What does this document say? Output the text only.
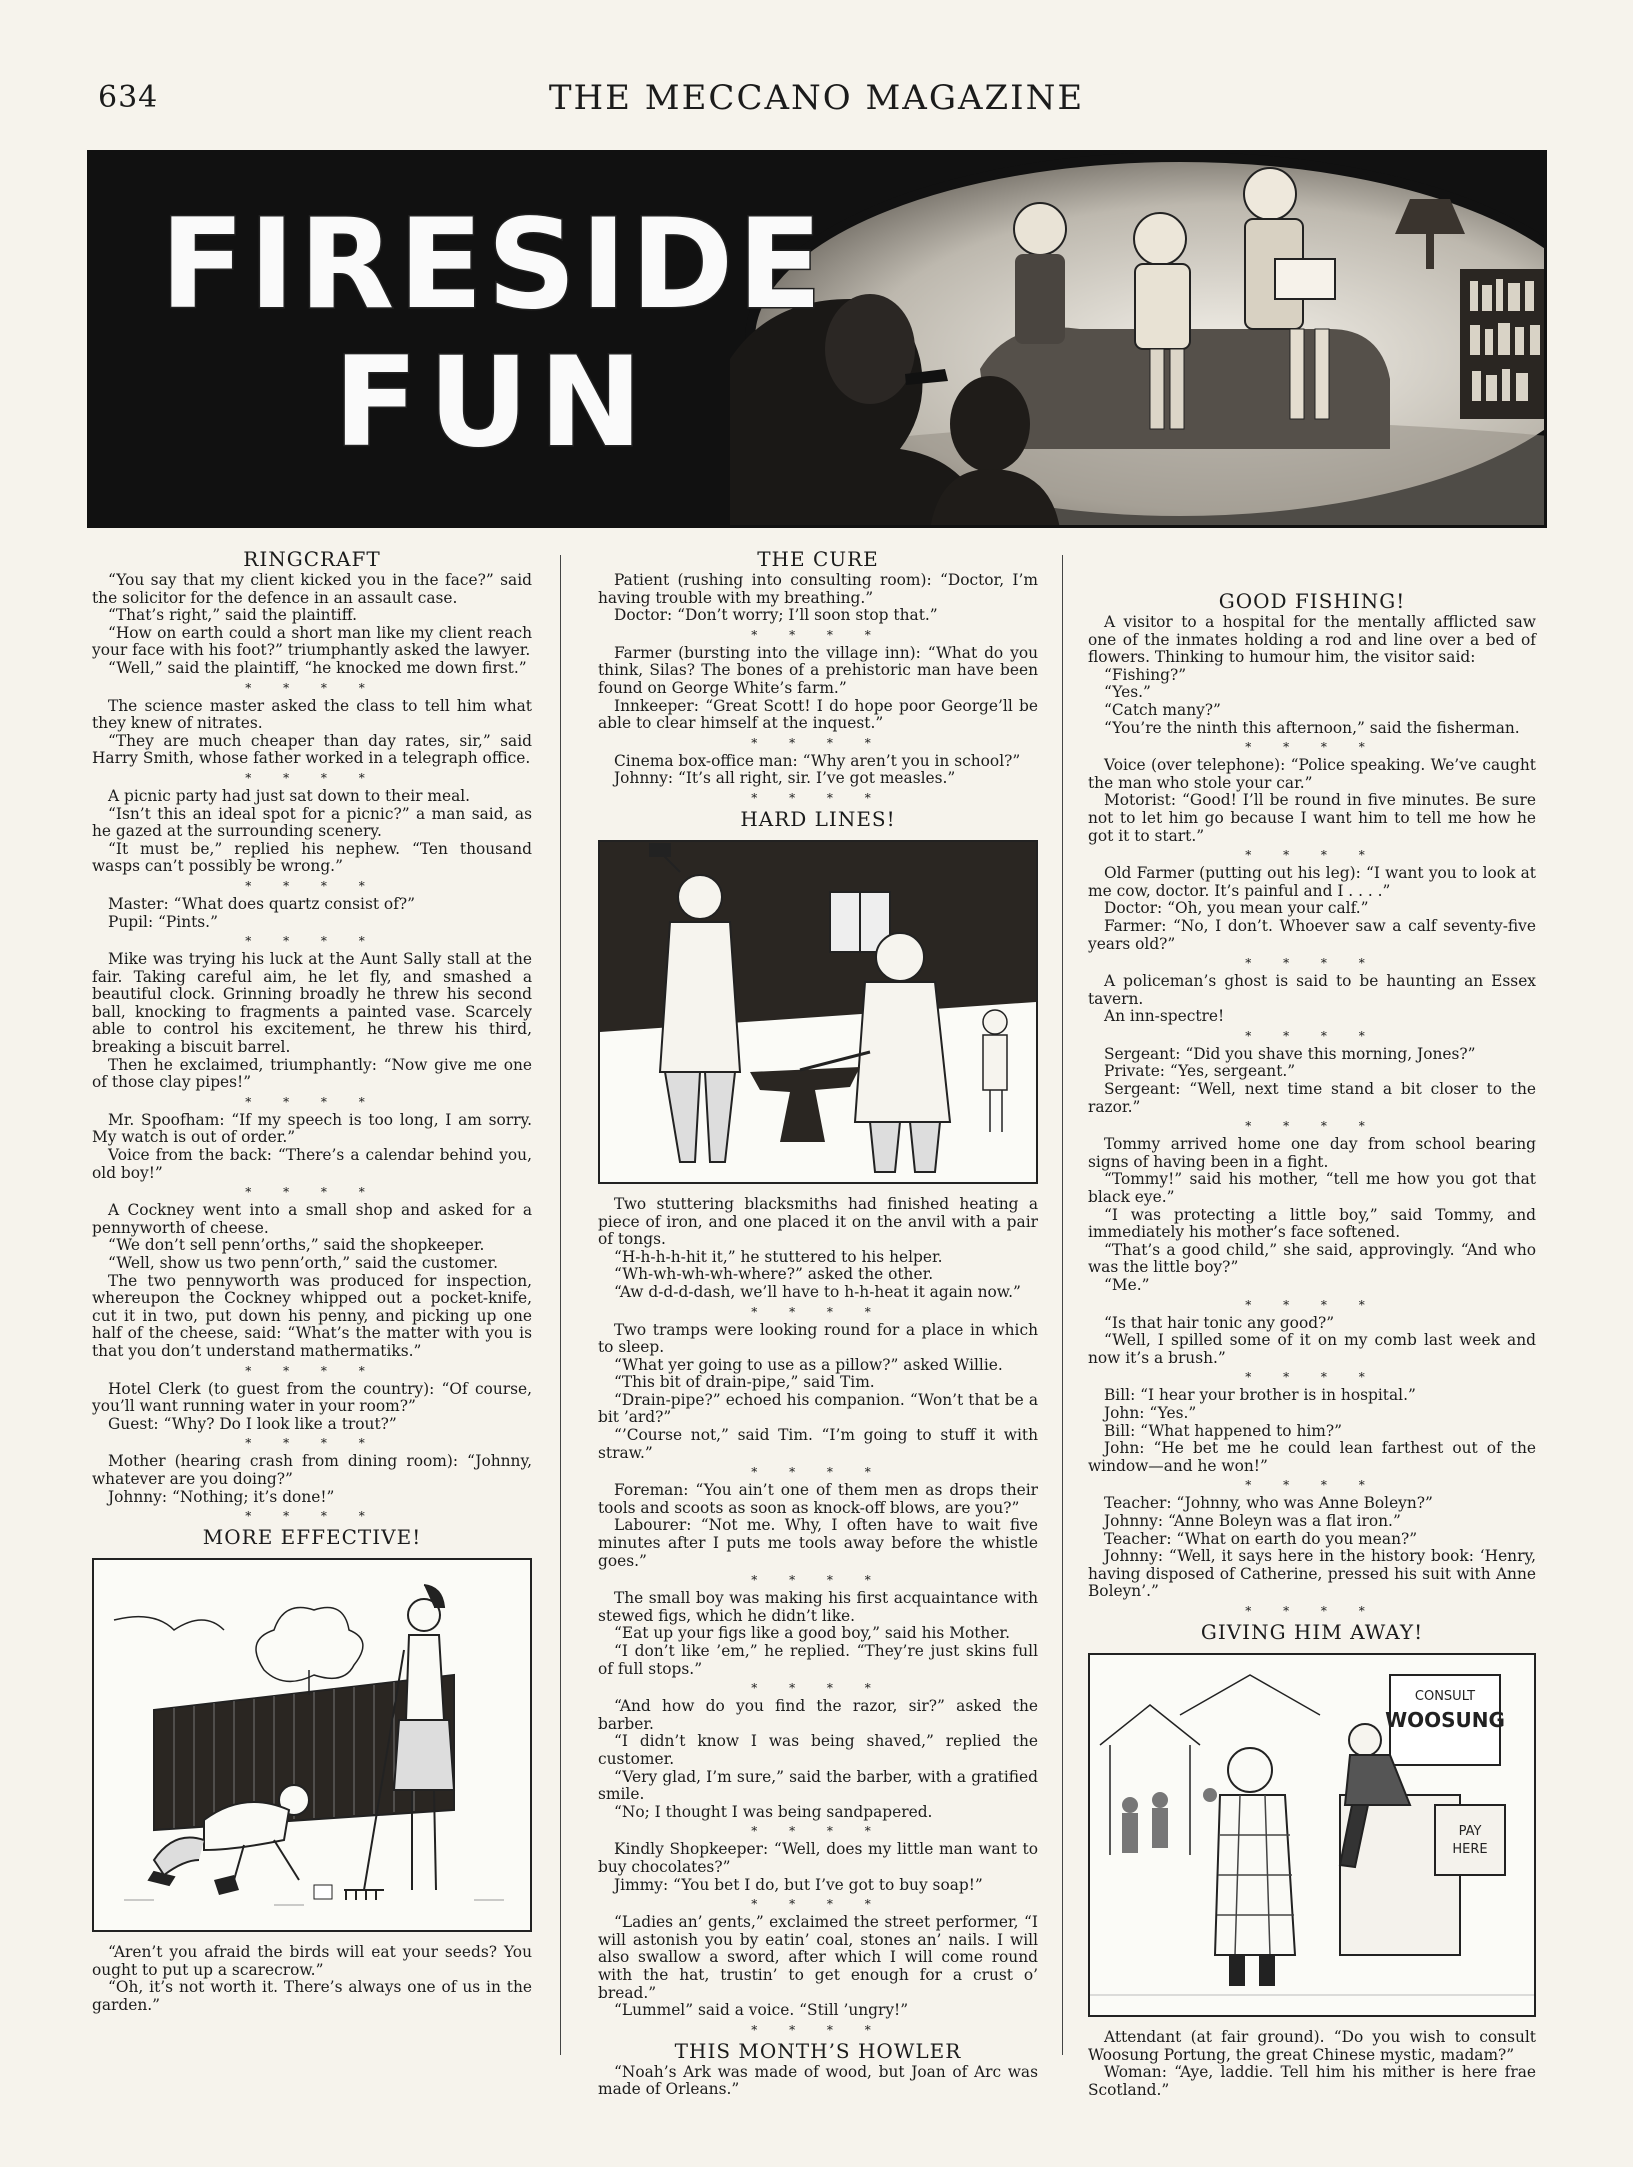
634	THE MECCANO MAGAZINE
FIRESIDE
FUN
RINGCRAFT

“You say that my client kicked you in the face?” said the solicitor for the defence in an assault case.

“That’s right,” said the plaintiff.

“How on earth could a short man like my client reach your face with his foot?” triumphantly asked the lawyer.

“Well,” said the plaintiff, “he knocked me down first.”

* * * *

The science master asked the class to tell him what they knew of nitrates.

“They are much cheaper than day rates, sir,” said Harry Smith, whose father worked in a telegraph office.

* * * *

A picnic party had just sat down to their meal.

“Isn’t this an ideal spot for a picnic?” a man said, as he gazed at the surrounding scenery.

“It must be,” replied his nephew. “Ten thousand wasps can’t possibly be wrong.”

* * * *

Master: “What does quartz consist of?”

Pupil: “Pints.”

* * * *

Mike was trying his luck at the Aunt Sally stall at the fair. Taking careful aim, he let fly, and smashed a beautiful clock. Grinning broadly he threw his second ball, knocking to fragments a painted vase. Scarcely able to control his excitement, he threw his third, breaking a biscuit barrel.

Then he exclaimed, triumphantly: “Now give me one of those clay pipes!”

* * * *

Mr. Spoofham: “If my speech is too long, I am sorry. My watch is out of order.”

Voice from the back: “There’s a calendar behind you, old boy!”

* * * *

A Cockney went into a small shop and asked for a pennyworth of cheese.

“We don’t sell penn’orths,” said the shopkeeper.

“Well, show us two penn’orth,” said the customer.

The two pennyworth was produced for inspection, whereupon the Cockney whipped out a pocket-knife, cut it in two, put down his penny, and picking up one half of the cheese, said: “What’s the matter with you is that you don’t understand mathermatiks.”

* * * *

Hotel Clerk (to guest from the country): “Of course, you’ll want running water in your room?”

Guest: “Why? Do I look like a trout?”

* * * *

Mother (hearing crash from dining room): “Johnny, whatever are you doing?”

Johnny: “Nothing; it’s done!”

* * * *
MORE EFFECTIVE!

“Aren’t you afraid the birds will eat your seeds? You ought to put up a scarecrow.”

“Oh, it’s not worth it. There’s always one of us in the garden.”

THE CURE

Patient (rushing into consulting room): “Doctor, I’m having trouble with my breathing.”

Doctor: “Don’t worry; I’ll soon stop that.”

* * * *

Farmer (bursting into the village inn): “What do you think, Silas? The bones of a prehistoric man have been found on George White’s farm.”

Innkeeper: “Great Scott! I do hope poor George’ll be able to clear himself at the inquest.”

* * * *

Cinema box-office man: “Why aren’t you in school?”

Johnny: “It’s all right, sir. I’ve got measles.”

* * * *
HARD LINES!

Two stuttering blacksmiths had finished heating a piece of iron, and one placed it on the anvil with a pair of tongs.

“H-h-h-h-hit it,” he stuttered to his helper.

“Wh-wh-wh-wh-where?” asked the other.

“Aw d-d-d-dash, we’ll have to h-h-heat it again now.”

* * * *

Two tramps were looking round for a place in which to sleep.

“What yer going to use as a pillow?” asked Willie.

“This bit of drain-pipe,” said Tim.

“Drain-pipe?” echoed his companion. “Won’t that be a bit ’ard?”

“’Course not,” said Tim. “I’m going to stuff it with straw.”

* * * *

Foreman: “You ain’t one of them men as drops their tools and scoots as soon as knock-off blows, are you?”

Labourer: “Not me. Why, I often have to wait five minutes after I puts me tools away before the whistle goes.”

* * * *

The small boy was making his first acquaintance with stewed figs, which he didn’t like.

“Eat up your figs like a good boy,” said his Mother.

“I don’t like ’em,” he replied. “They’re just skins full of full stops.”

* * * *

“And how do you find the razor, sir?” asked the barber.

“I didn’t know I was being shaved,” replied the customer.

“Very glad, I’m sure,” said the barber, with a gratified smile.

“No; I thought I was being sandpapered.

* * * *

Kindly Shopkeeper: “Well, does my little man want to buy chocolates?”

Jimmy: “You bet I do, but I’ve got to buy soap!”

* * * *

“Ladies an’ gents,” exclaimed the street performer, “I will astonish you by eatin’ coal, stones an’ nails. I will also swallow a sword, after which I will come round with the hat, trustin’ to get enough for a crust o’ bread.”

“Lummel” said a voice. “Still ’ungry!”

* * * *
THIS MONTH’S HOWLER

“Noah’s Ark was made of wood, but Joan of Arc was made of Orleans.”

GOOD FISHING!

A visitor to a hospital for the mentally afflicted saw one of the inmates holding a rod and line over a bed of flowers. Thinking to humour him, the visitor said:

“Fishing?”

“Yes.”

“Catch many?”

“You’re the ninth this afternoon,” said the fisherman.

* * * *

Voice (over telephone): “Police speaking. We’ve caught the man who stole your car.”

Motorist: “Good! I’ll be round in five minutes. Be sure not to let him go because I want him to tell me how he got it to start.”

* * * *

Old Farmer (putting out his leg): “I want you to look at me cow, doctor. It’s painful and I . . . .”

Doctor: “Oh, you mean your calf.”

Farmer: “No, I don’t. Whoever saw a calf seventy-five years old?”

* * * *

A policeman’s ghost is said to be haunting an Essex tavern.

An inn-spectre!

* * * *

Sergeant: “Did you shave this morning, Jones?”

Private: “Yes, sergeant.”

Sergeant: “Well, next time stand a bit closer to the razor.”

* * * *

Tommy arrived home one day from school bearing signs of having been in a fight.

“Tommy!” said his mother, “tell me how you got that black eye.”

“I was protecting a little boy,” said Tommy, and immediately his mother’s face softened.

“That’s a good child,” she said, approvingly. “And who was the little boy?”

“Me.”

* * * *

“Is that hair tonic any good?”

“Well, I spilled some of it on my comb last week and now it’s a brush.”

* * * *

Bill: “I hear your brother is in hospital.”

John: “Yes.”

Bill: “What happened to him?”

John: “He bet me he could lean farthest out of the window—and he won!”

* * * *

Teacher: “Johnny, who was Anne Boleyn?”

Johnny: “Anne Boleyn was a flat iron.”

Teacher: “What on earth do you mean?”

Johnny: “Well, it says here in the history book: ‘Henry, having disposed of Catherine, pressed his suit with Anne Boleyn’.”

* * * *
GIVING HIM AWAY!
CONSULT
WOOSUNG
PAY
HERE

Attendant (at fair ground). “Do you wish to consult Woosung Portung, the great Chinese mystic, madam?”

Woman: “Aye, laddie. Tell him his mither is here frae Scotland.”
